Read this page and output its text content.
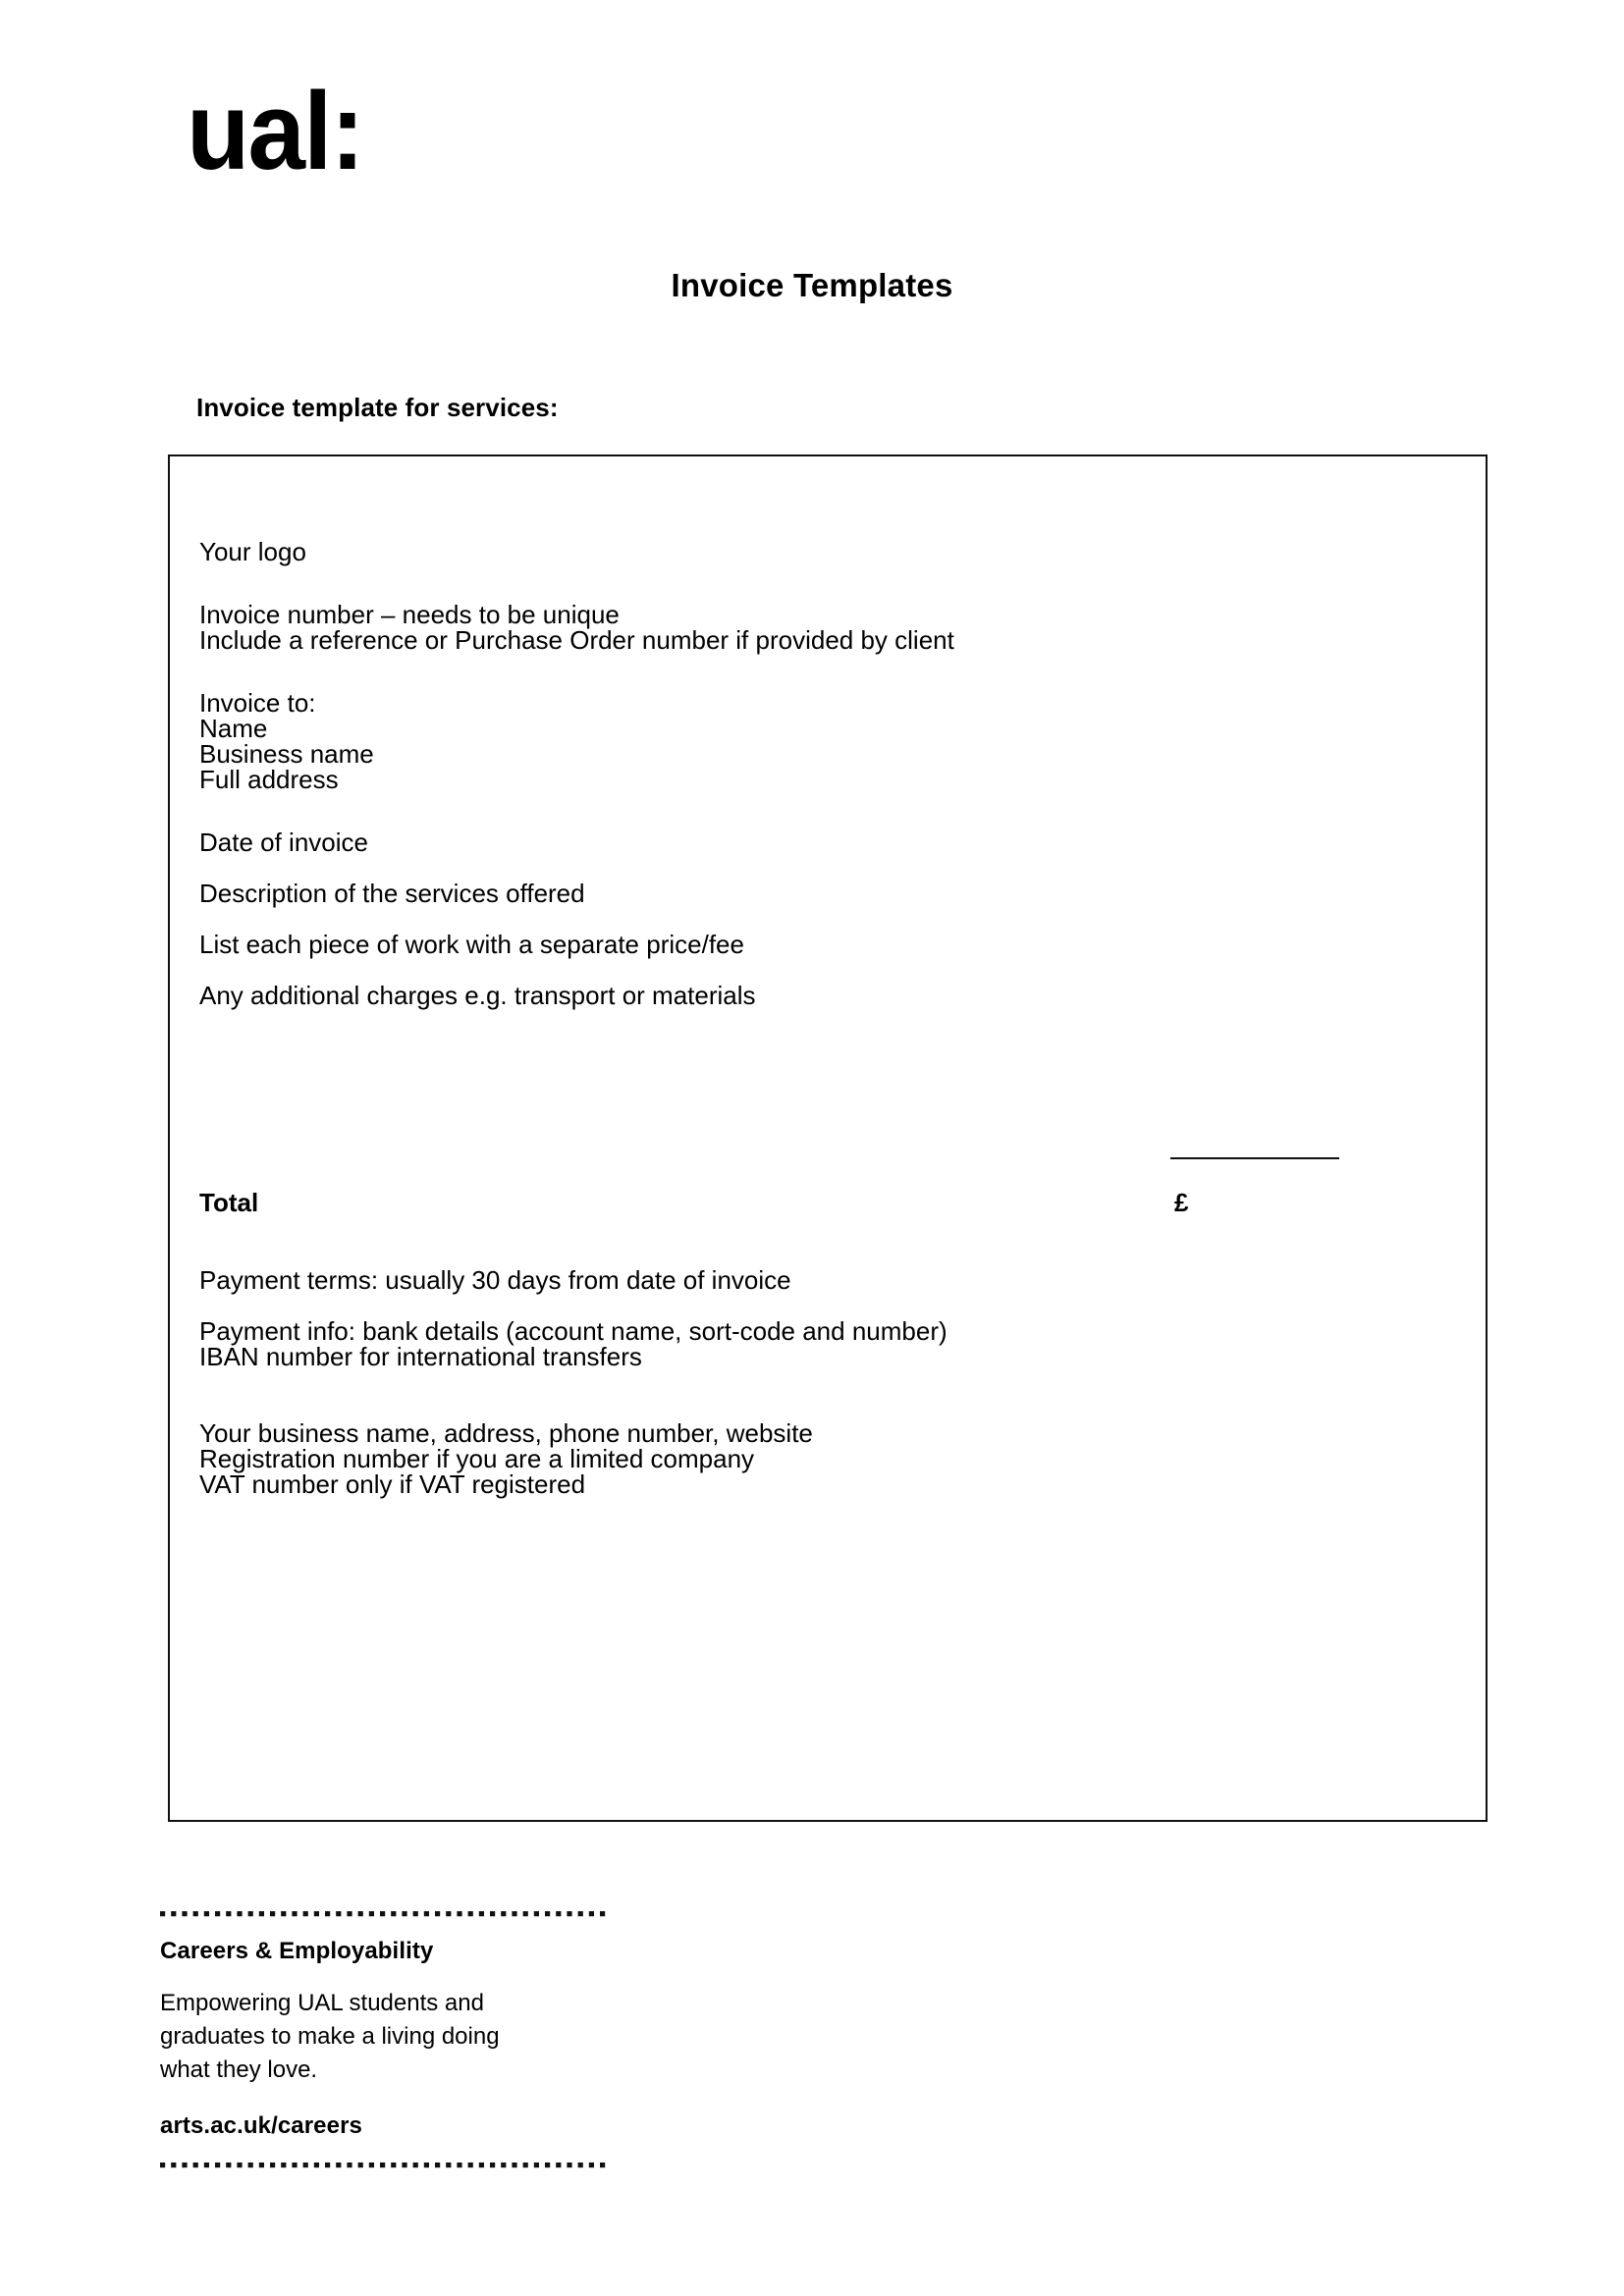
ual:
Invoice Templates
Invoice template for services:
£
Your logo
Invoice number – needs to be unique
Include a reference or Purchase Order number if provided by client
Invoice to:
Name
Business name
Full address
Date of invoice
Description of the services offered
List each piece of work with a separate price/fee
Any additional charges e.g. transport or materials
Total
Payment terms: usually 30 days from date of invoice
Payment info: bank details (account name, sort-code and number)
IBAN number for international transfers
Your business name, address, phone number, website
Registration number if you are a limited company
VAT number only if VAT registered
Careers & Employability
Empowering UAL students and graduates to make a living doing what they love.
arts.ac.uk/careers
